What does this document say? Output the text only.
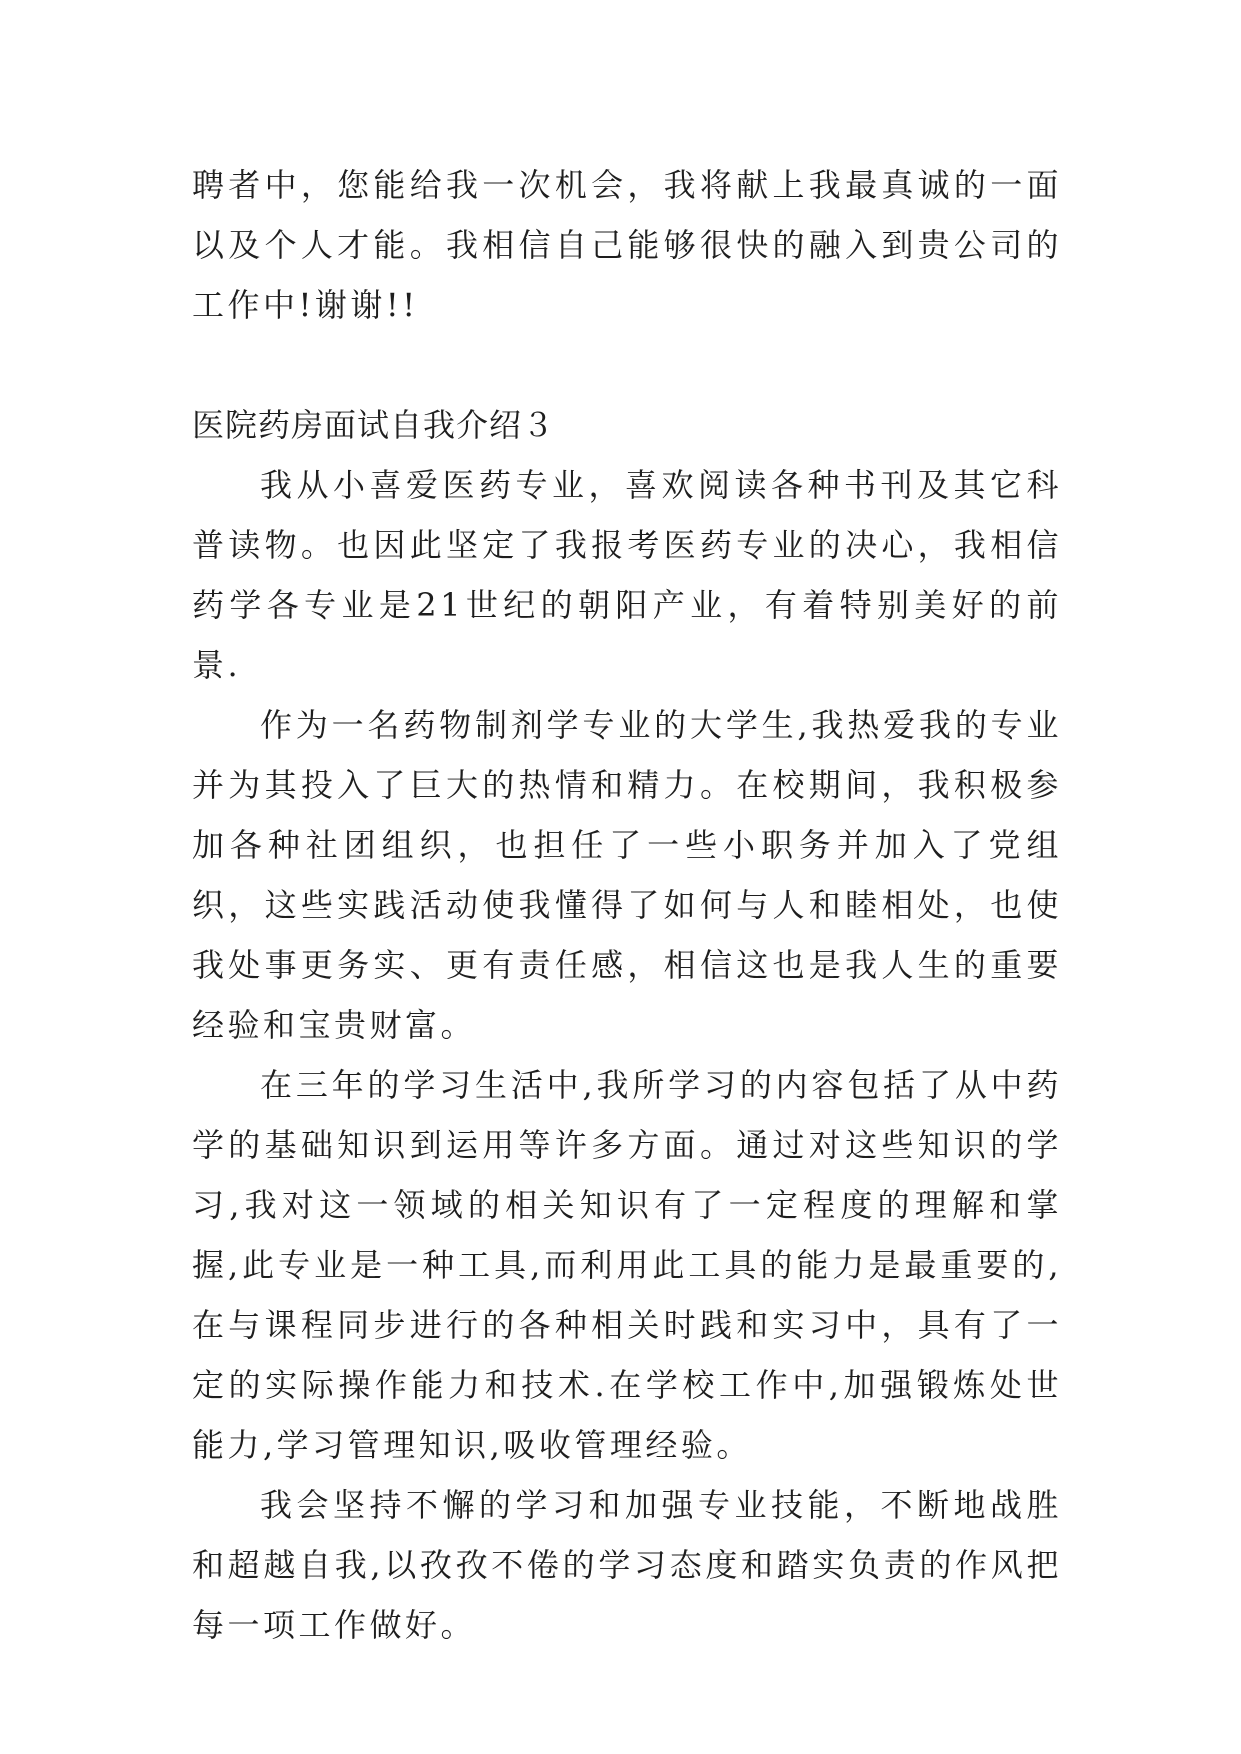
聘者中，您能给我一次机会，我将献上我最真诚的一面以及个人才能。我相信自己能够很快的融入到贵公司的工作中!谢谢!!

医院药房面试自我介绍３

我从小喜爱医药专业，喜欢阅读各种书刊及其它科普读物。也因此坚定了我报考医药专业的决心，我相信药学各专业是21世纪的朝阳产业，有着特别美好的前景.

作为一名药物制剂学专业的大学生,我热爱我的专业并为其投入了巨大的热情和精力。在校期间，我积极参加各种社团组织，也担任了一些小职务并加入了党组织，这些实践活动使我懂得了如何与人和睦相处，也使我处事更务实、更有责任感，相信这也是我人生的重要经验和宝贵财富。

在三年的学习生活中,我所学习的内容包括了从中药学的基础知识到运用等许多方面。通过对这些知识的学习,我对这一领域的相关知识有了一定程度的理解和掌握,此专业是一种工具,而利用此工具的能力是最重要的,在与课程同步进行的各种相关时践和实习中，具有了一定的实际操作能力和技术.在学校工作中,加强锻炼处世能力,学习管理知识,吸收管理经验。

我会坚持不懈的学习和加强专业技能，不断地战胜和超越自我,以孜孜不倦的学习态度和踏实负责的作风把每一项工作做好。
